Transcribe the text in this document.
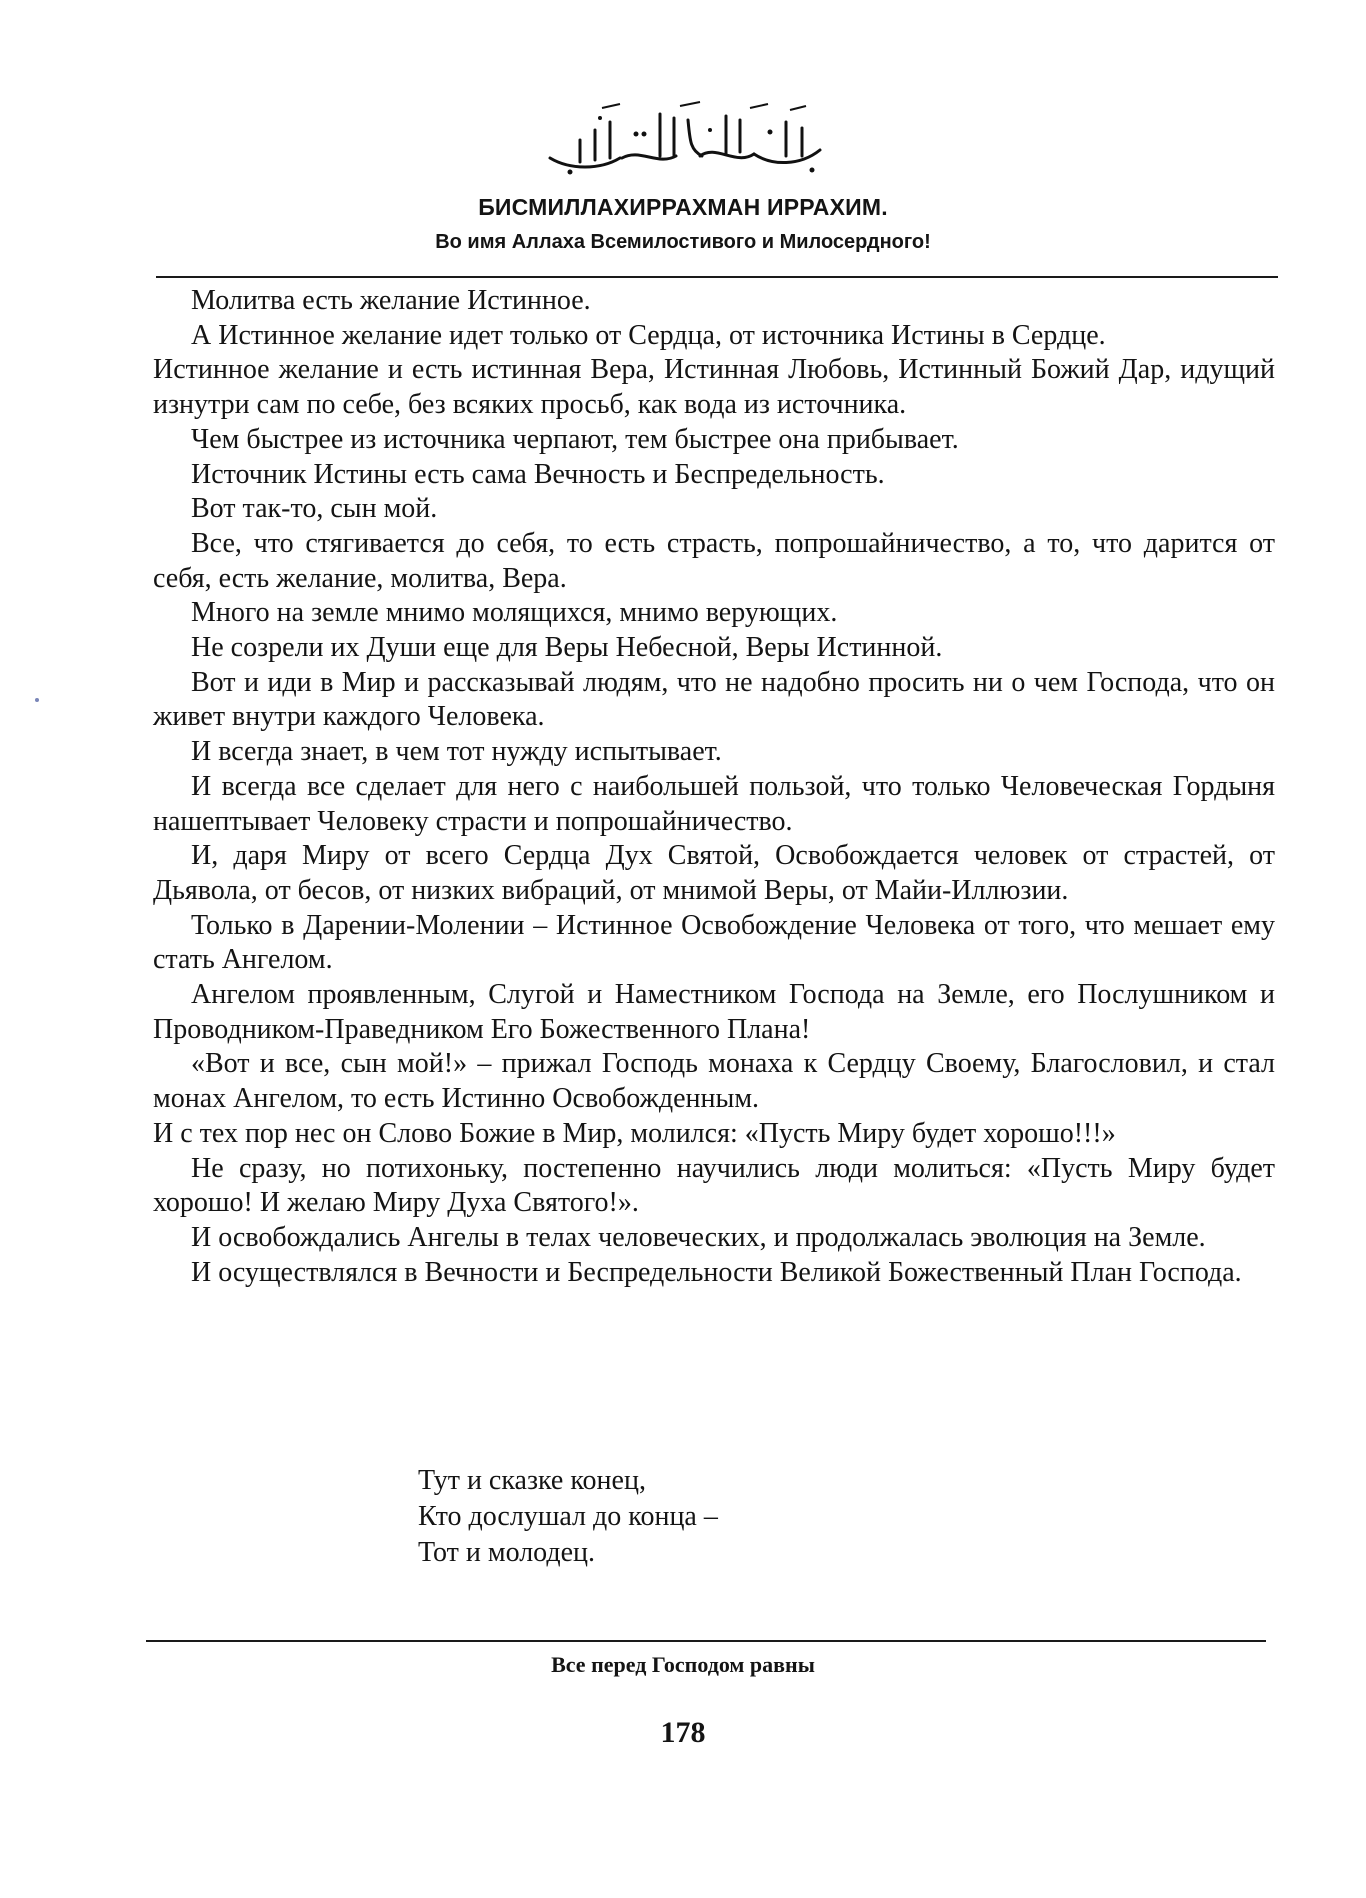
БИСМИЛЛАХИРРАХМАН ИРРАХИМ.
Во имя Аллаха Всемилостивого и Милосердного!

Молитва есть желание Истинное.

А Истинное желание идет только от Сердца, от источника Истины в Сердце.

Истинное желание и есть истинная Вера, Истинная Любовь, Истинный Божий Дар, идущий изнутри сам по себе, без всяких просьб, как вода из источника.

Чем быстрее из источника черпают, тем быстрее она прибывает.

Источник Истины есть сама Вечность и Беспредельность.

Вот так-то, сын мой.

Все, что стягивается до себя, то есть страсть, попрошайничество, а то, что дарится от себя, есть желание, молитва, Вера.

Много на земле мнимо молящихся, мнимо верующих.

Не созрели их Души еще для Веры Небесной, Веры Истинной.

Вот и иди в Мир и рассказывай людям, что не надобно просить ни о чем Господа, что он живет внутри каждого Человека.

И всегда знает, в чем тот нужду испытывает.

И всегда все сделает для него с наибольшей пользой, что только Человеческая Гордыня нашептывает Человеку страсти и попрошайничество.

И, даря Миру от всего Сердца Дух Святой, Освобождается человек от страстей, от Дьявола, от бесов, от низких вибраций, от мнимой Веры, от Майи-Иллюзии.

Только в Дарении-Молении – Истинное Освобождение Человека от того, что мешает ему стать Ангелом.

Ангелом проявленным, Слугой и Наместником Господа на Земле, его Послушником и Проводником-Праведником Его Божественного Плана!

«Вот и все, сын мой!» – прижал Господь монаха к Сердцу Своему, Благословил, и стал монах Ангелом, то есть Истинно Освобожденным.

И с тех пор нес он Слово Божие в Мир, молился: «Пусть Миру будет хорошо!!!»

Не сразу, но потихоньку, постепенно научились люди молиться: «Пусть Миру будет хорошо! И желаю Миру Духа Святого!».

И освобождались Ангелы в телах человеческих, и продолжалась эволюция на Земле.

И осуществлялся в Вечности и Беспредельности Великой Божественный План Господа.

Тут и сказке конец,
Кто дослушал до конца –
Тот и молодец.
Все перед Господом равны
178
